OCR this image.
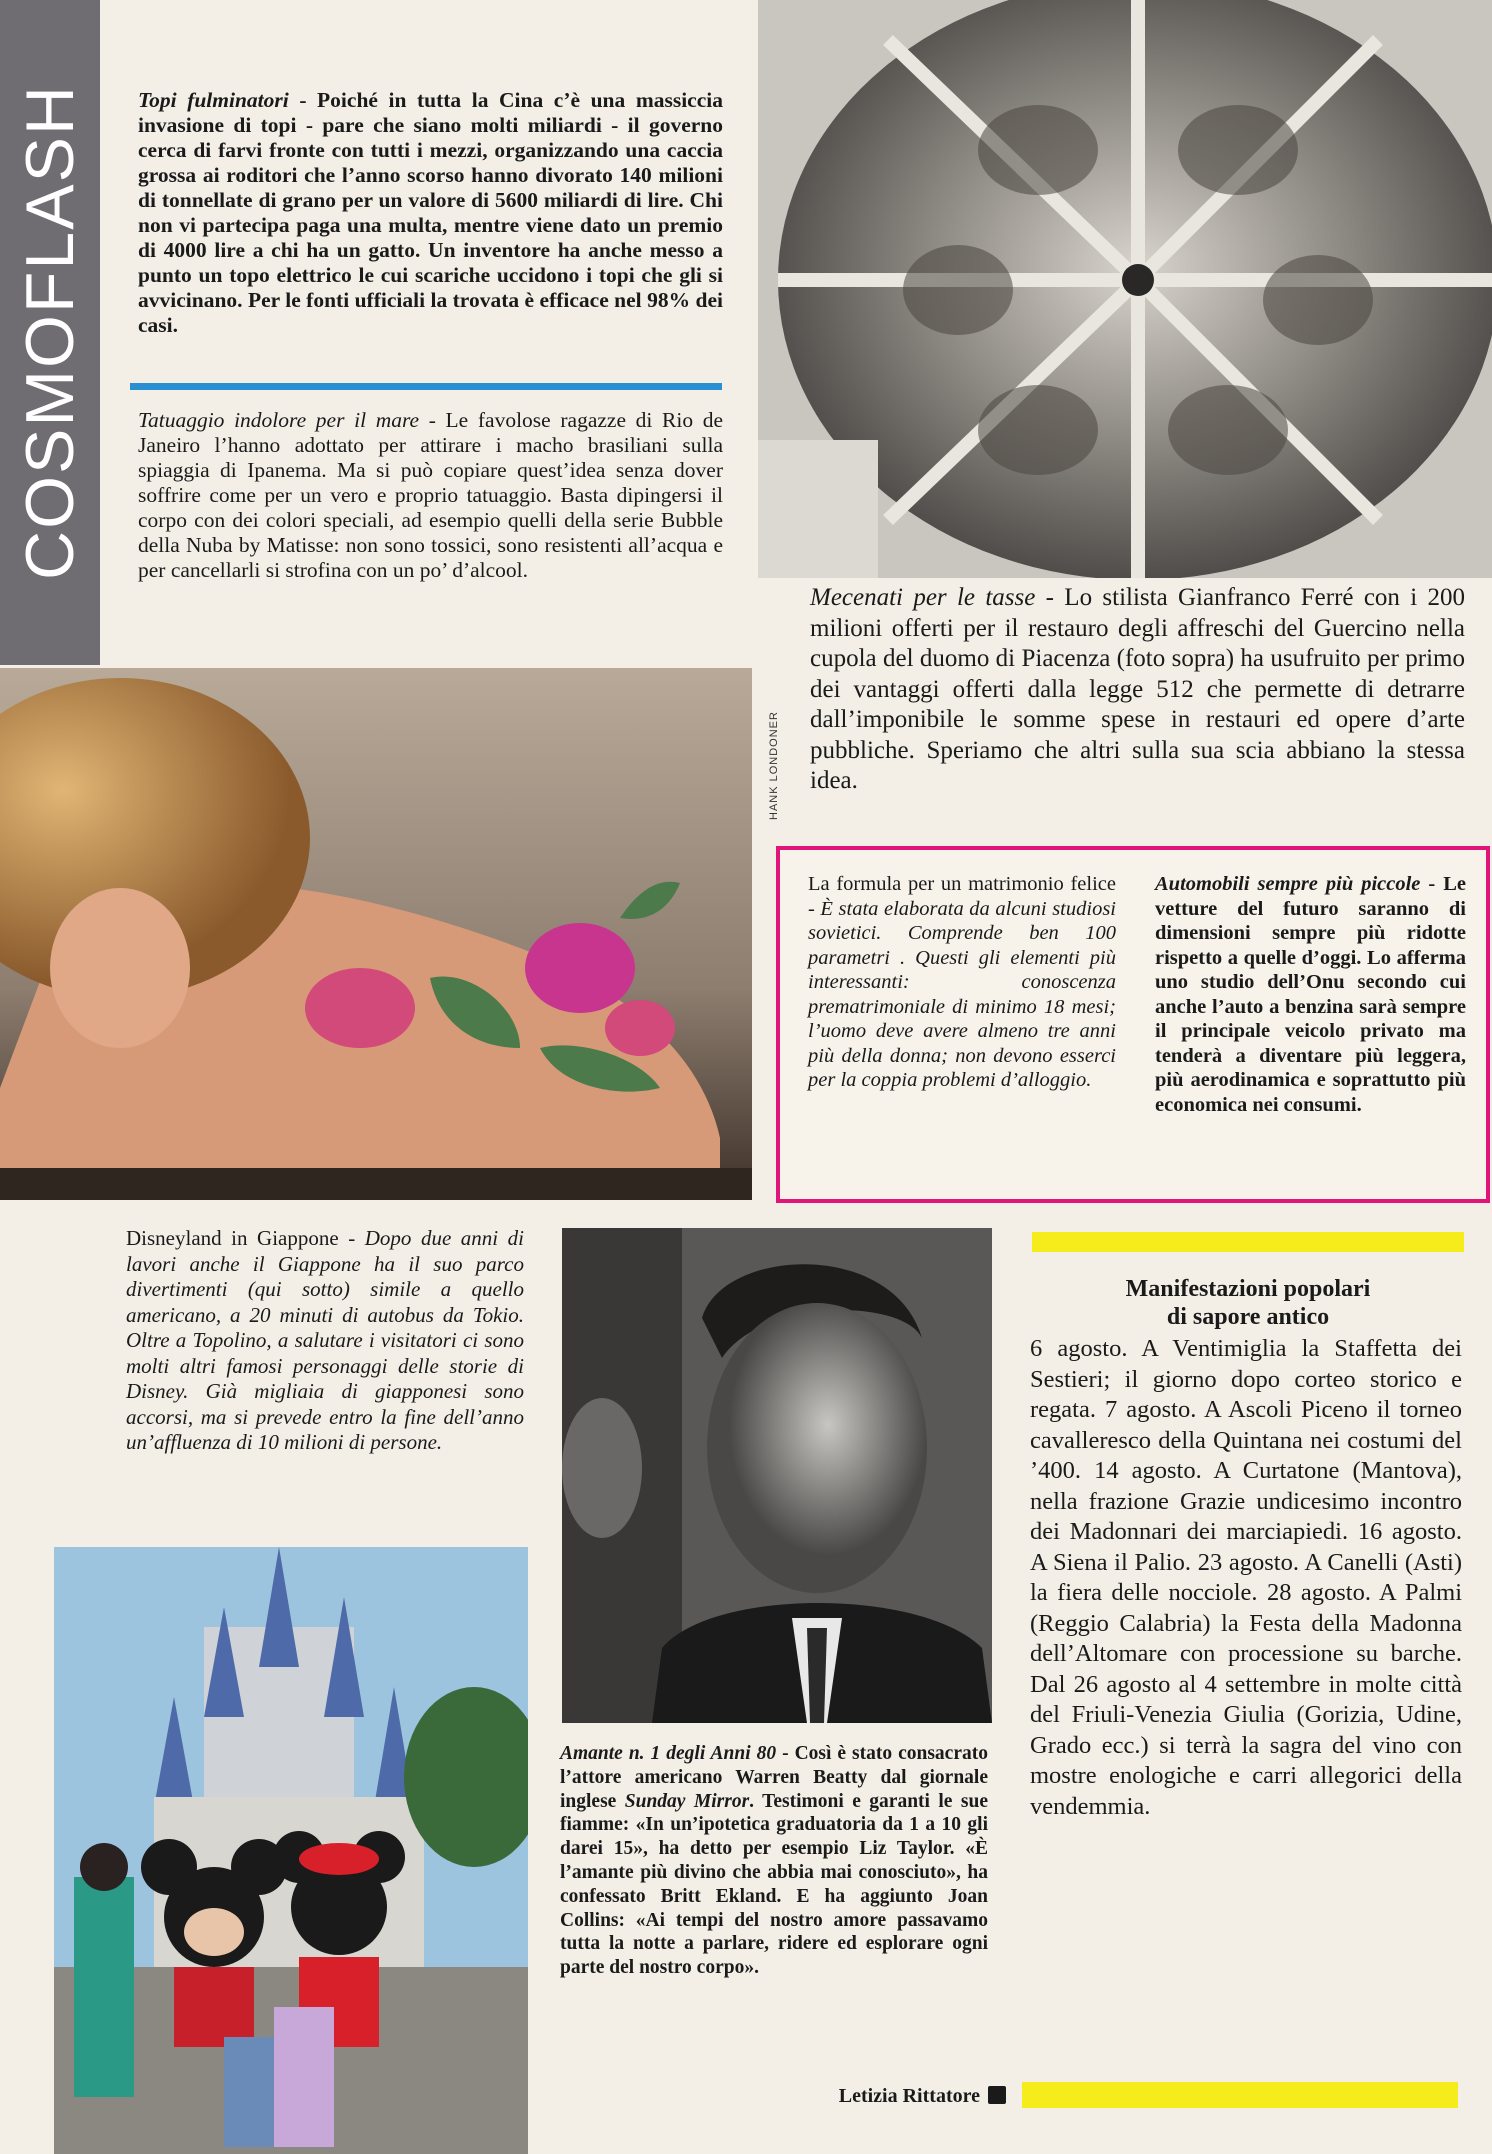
COSMOFLASH Topi fulminatori - Poiché in tutta la Cina c’è una massiccia invasione di topi - pare che siano molti miliardi - il governo cerca di farvi fronte con tutti i mezzi, organizzando una caccia grossa ai roditori che l’anno scorso hanno divorato 140 milioni di tonnellate di grano per un valore di 5600 miliardi di lire. Chi non vi partecipa paga una multa, mentre viene dato un premio di 4000 lire a chi ha un gatto. Un inventore ha anche messo a punto un topo elettrico le cui scariche uccidono i topi che gli si avvicinano. Per le fonti ufficiali la trovata è efficace nel 98% dei casi.
Tatuaggio indolore per il mare - Le favolose ragazze di Rio de Janeiro l’hanno adottato per attirare i macho brasiliani sulla spiaggia di Ipanema. Ma si può copiare quest’idea senza dover soffrire come per un vero e proprio tatuaggio. Basta dipingersi il corpo con dei colori speciali, ad esempio quelli della serie Bubble della Nuba by Matisse: non sono tossici, sono resistenti all’acqua e per cancellarli si strofina con un po’ d’alcool.
Mecenati per le tasse - Lo stilista Gianfranco Ferré con i 200 milioni offerti per il restauro degli affreschi del Guercino nella cupola del duomo di Piacenza (foto sopra) ha usufruito per primo dei vantaggi offerti dalla legge 512 che permette di detrarre dall’imponibile le somme spese in restauri ed opere d’arte pubbliche. Speriamo che altri sulla sua scia abbiano la stessa idea.
HANK LONDONER
La formula per un matrimonio felice - È stata elaborata da alcuni studiosi sovietici. Comprende ben 100 parametri . Questi gli elementi più interessanti: conoscenza prematrimoniale di minimo 18 mesi; l’uomo deve avere almeno tre anni più della donna; non devono esserci per la coppia problemi d’alloggio.
Automobili sempre più piccole - Le vetture del futuro saranno di dimensioni sempre più ridotte rispetto a quelle d’oggi. Lo afferma uno studio dell’Onu secondo cui anche l’auto a benzina sarà sempre il principale veicolo privato ma tenderà a diventare più leggera, più aerodinamica e soprattutto più economica nei consumi.
Disneyland in Giappone - Dopo due anni di lavori anche il Giappone ha il suo parco divertimenti (qui sotto) simile a quello americano, a 20 minuti di autobus da Tokio. Oltre a Topolino, a salutare i visitatori ci sono molti altri famosi personaggi delle storie di Disney. Già migliaia di giapponesi sono accorsi, ma si prevede entro la fine dell’anno un’affluenza di 10 milioni di persone.
Amante n. 1 degli Anni 80 - Così è stato consacrato l’attore americano Warren Beatty dal giornale inglese Sunday Mirror. Testimoni e garanti le sue fiamme: «In un’ipotetica graduatoria da 1 a 10 gli darei 15», ha detto per esempio Liz Taylor. «È l’amante più divino che abbia mai conosciuto», ha confessato Britt Ekland. E ha aggiunto Joan Collins: «Ai tempi del nostro amore passavamo tutta la notte a parlare, ridere ed esplorare ogni parte del nostro corpo».
Letizia Rittatore
Manifestazioni popolari
di sapore antico
6 agosto. A Ventimiglia la Staffetta dei Sestieri; il giorno dopo corteo storico e regata. 7 agosto. A Ascoli Piceno il torneo cavalleresco della Quintana nei costumi del ’400. 14 agosto. A Curtatone (Mantova), nella frazione Grazie undicesimo incontro dei Madonnari dei marciapiedi. 16 agosto. A Siena il Palio. 23 agosto. A Canelli (Asti) la fiera delle nocciole. 28 agosto. A Palmi (Reggio Calabria) la Festa della Madonna dell’Altomare con processione su barche. Dal 26 agosto al 4 settembre in molte città del Friuli-Venezia Giulia (Gorizia, Udine, Grado ecc.) si terrà la sagra del vino con mostre enologiche e carri allegorici della vendemmia.
